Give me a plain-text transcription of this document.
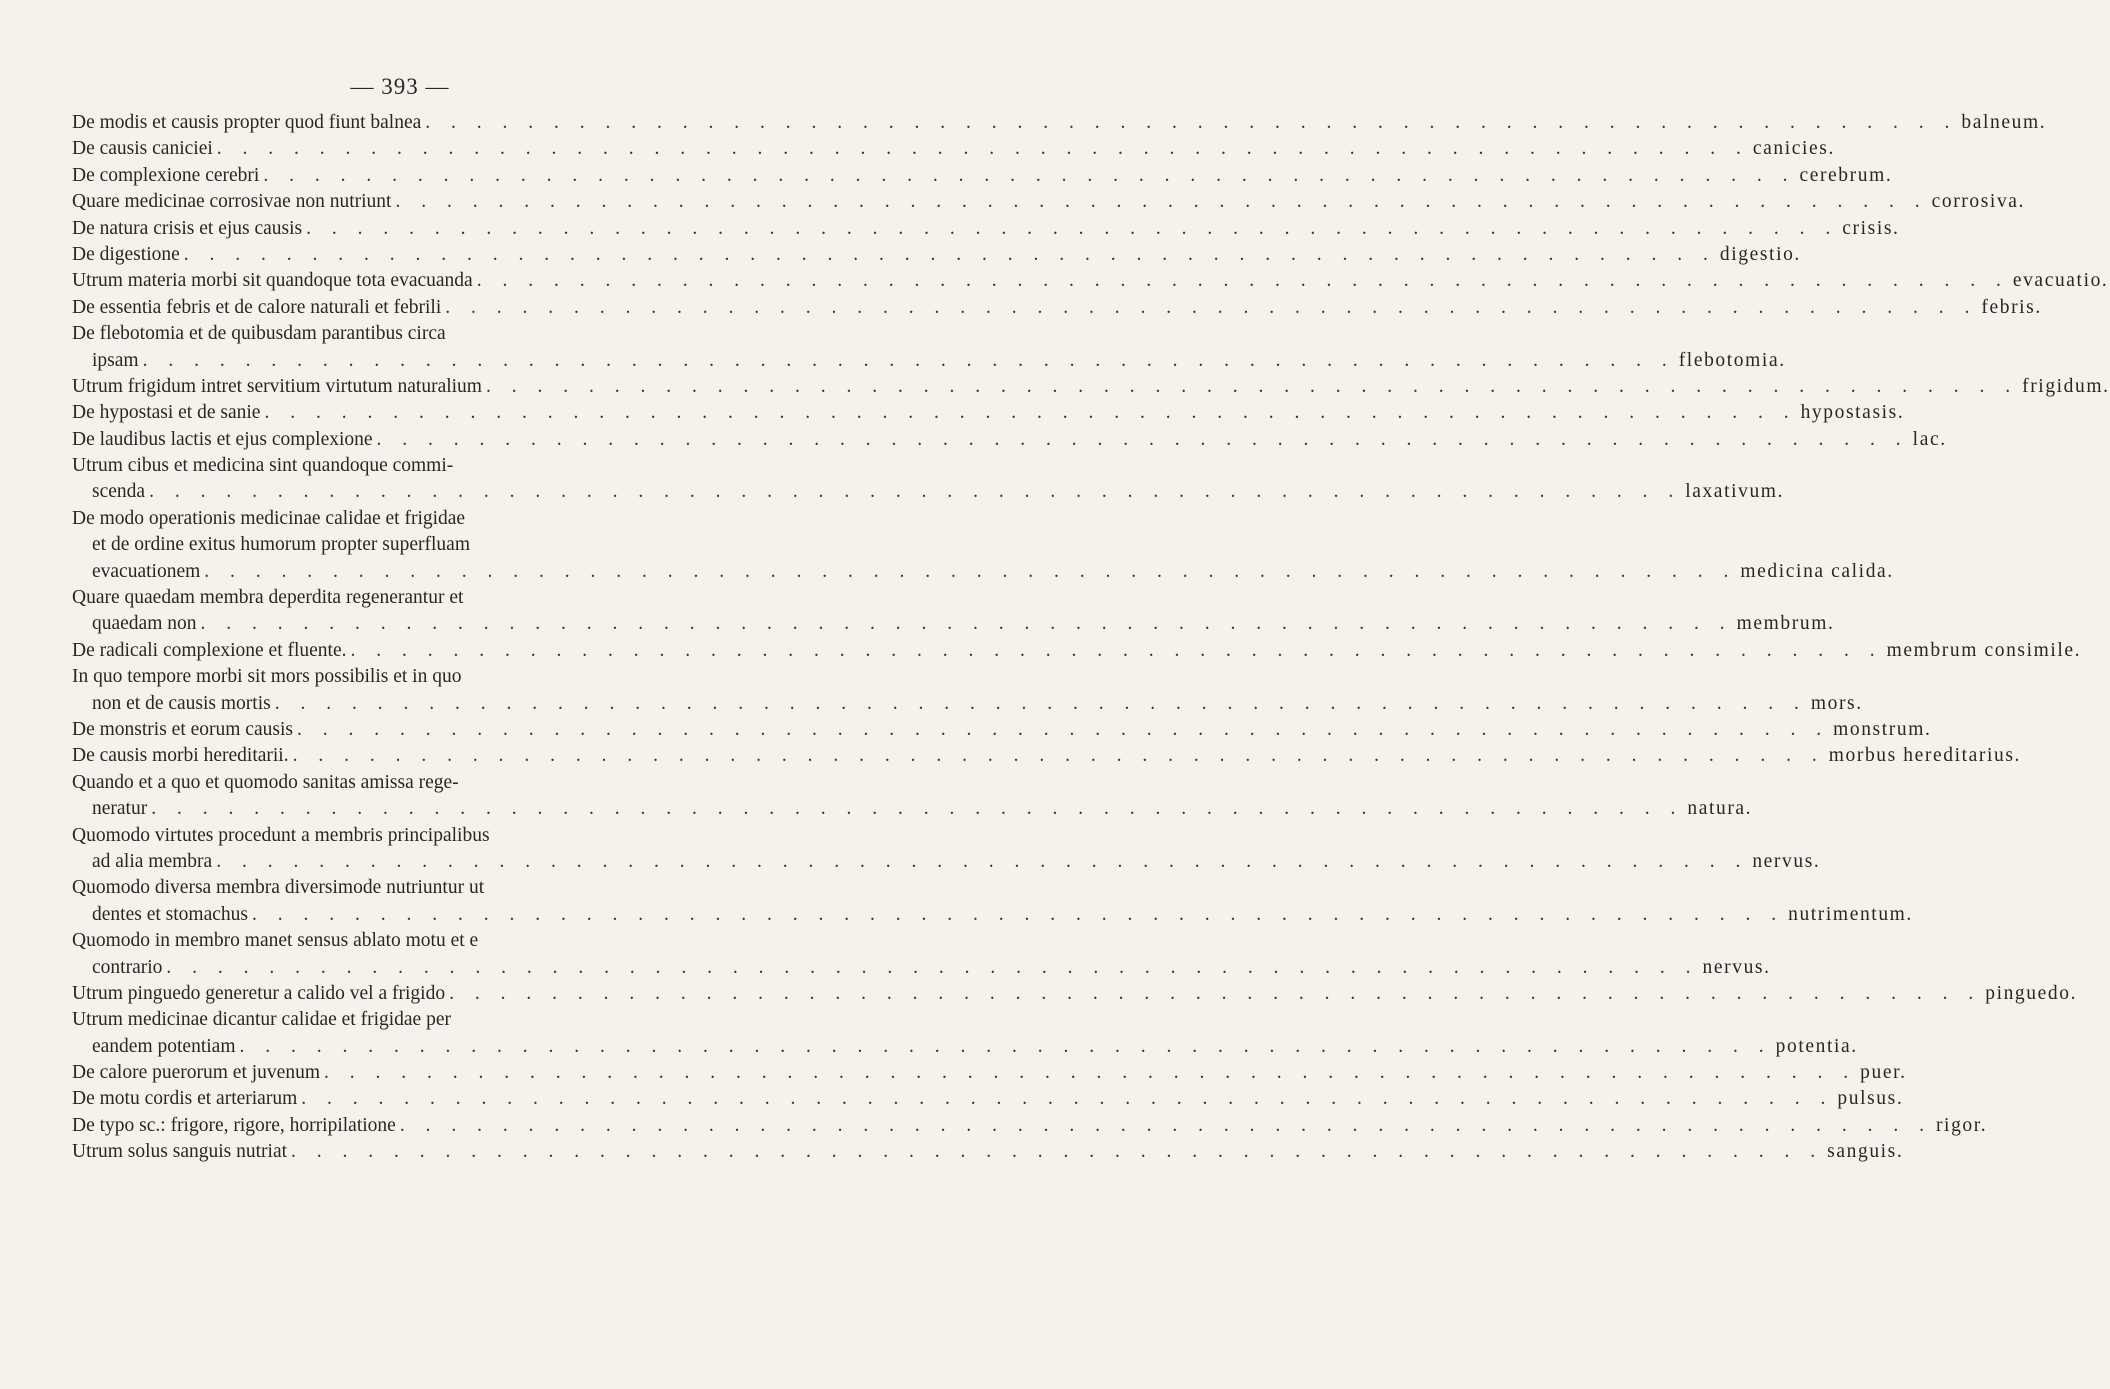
— 393 —
De modis et causis propter quod fiunt balnea . . . . . . . . . . . . . . . . . . . . . . . . . . . . . . . . . . . . . . . . . . . . . . . . . . . . . . . . . . . . balneum.
De causis caniciei . . . . . . . . . . . . . . . . . . . . . . . . . . . . . . . . . . . . . . . . . . . . . . . . . . . . . . . . . . . . canicies.
De complexione cerebri . . . . . . . . . . . . . . . . . . . . . . . . . . . . . . . . . . . . . . . . . . . . . . . . . . . . . . . . . . . . cerebrum.
Quare medicinae corrosivae non nutriunt . . . . . . . . . . . . . . . . . . . . . . . . . . . . . . . . . . . . . . . . . . . . . . . . . . . . . . . . . . . . corrosiva.
De natura crisis et ejus causis . . . . . . . . . . . . . . . . . . . . . . . . . . . . . . . . . . . . . . . . . . . . . . . . . . . . . . . . . . . . crisis.
De digestione . . . . . . . . . . . . . . . . . . . . . . . . . . . . . . . . . . . . . . . . . . . . . . . . . . . . . . . . . . . . digestio.
Utrum materia morbi sit quandoque tota evacuanda . . . . . . . . . . . . . . . . . . . . . . . . . . . . . . . . . . . . . . . . . . . . . . . . . . . . . . . . . . . . evacuatio.
De essentia febris et de calore naturali et febrili . . . . . . . . . . . . . . . . . . . . . . . . . . . . . . . . . . . . . . . . . . . . . . . . . . . . . . . . . . . . febris.
De flebotomia et de quibusdam parantibus circa
ipsam . . . . . . . . . . . . . . . . . . . . . . . . . . . . . . . . . . . . . . . . . . . . . . . . . . . . . . . . . . . . flebotomia.
Utrum frigidum intret servitium virtutum naturalium . . . . . . . . . . . . . . . . . . . . . . . . . . . . . . . . . . . . . . . . . . . . . . . . . . . . . . . . . . . . frigidum.
De hypostasi et de sanie . . . . . . . . . . . . . . . . . . . . . . . . . . . . . . . . . . . . . . . . . . . . . . . . . . . . . . . . . . . . hypostasis.
De laudibus lactis et ejus complexione . . . . . . . . . . . . . . . . . . . . . . . . . . . . . . . . . . . . . . . . . . . . . . . . . . . . . . . . . . . . lac.
Utrum cibus et medicina sint quandoque commi-
scenda . . . . . . . . . . . . . . . . . . . . . . . . . . . . . . . . . . . . . . . . . . . . . . . . . . . . . . . . . . . . laxativum.
De modo operationis medicinae calidae et frigidae
et de ordine exitus humorum propter superfluam
evacuationem . . . . . . . . . . . . . . . . . . . . . . . . . . . . . . . . . . . . . . . . . . . . . . . . . . . . . . . . . . . . medicina calida.
Quare quaedam membra deperdita regenerantur et
quaedam non . . . . . . . . . . . . . . . . . . . . . . . . . . . . . . . . . . . . . . . . . . . . . . . . . . . . . . . . . . . . membrum.
De radicali complexione et fluente. . . . . . . . . . . . . . . . . . . . . . . . . . . . . . . . . . . . . . . . . . . . . . . . . . . . . . . . . . . . . membrum consimile.
In quo tempore morbi sit mors possibilis et in quo
non et de causis mortis . . . . . . . . . . . . . . . . . . . . . . . . . . . . . . . . . . . . . . . . . . . . . . . . . . . . . . . . . . . . mors.
De monstris et eorum causis . . . . . . . . . . . . . . . . . . . . . . . . . . . . . . . . . . . . . . . . . . . . . . . . . . . . . . . . . . . . monstrum.
De causis morbi hereditarii. . . . . . . . . . . . . . . . . . . . . . . . . . . . . . . . . . . . . . . . . . . . . . . . . . . . . . . . . . . . . morbus hereditarius.
Quando et a quo et quomodo sanitas amissa rege-
neratur . . . . . . . . . . . . . . . . . . . . . . . . . . . . . . . . . . . . . . . . . . . . . . . . . . . . . . . . . . . . natura.
Quomodo virtutes procedunt a membris principalibus
ad alia membra . . . . . . . . . . . . . . . . . . . . . . . . . . . . . . . . . . . . . . . . . . . . . . . . . . . . . . . . . . . . nervus.
Quomodo diversa membra diversimode nutriuntur ut
dentes et stomachus . . . . . . . . . . . . . . . . . . . . . . . . . . . . . . . . . . . . . . . . . . . . . . . . . . . . . . . . . . . . nutrimentum.
Quomodo in membro manet sensus ablato motu et e
contrario . . . . . . . . . . . . . . . . . . . . . . . . . . . . . . . . . . . . . . . . . . . . . . . . . . . . . . . . . . . . nervus.
Utrum pinguedo generetur a calido vel a frigido . . . . . . . . . . . . . . . . . . . . . . . . . . . . . . . . . . . . . . . . . . . . . . . . . . . . . . . . . . . . pinguedo.
Utrum medicinae dicantur calidae et frigidae per
eandem potentiam . . . . . . . . . . . . . . . . . . . . . . . . . . . . . . . . . . . . . . . . . . . . . . . . . . . . . . . . . . . . potentia.
De calore puerorum et juvenum . . . . . . . . . . . . . . . . . . . . . . . . . . . . . . . . . . . . . . . . . . . . . . . . . . . . . . . . . . . . puer.
De motu cordis et arteriarum . . . . . . . . . . . . . . . . . . . . . . . . . . . . . . . . . . . . . . . . . . . . . . . . . . . . . . . . . . . . pulsus.
De typo sc.: frigore, rigore, horripilatione . . . . . . . . . . . . . . . . . . . . . . . . . . . . . . . . . . . . . . . . . . . . . . . . . . . . . . . . . . . . rigor.
Utrum solus sanguis nutriat . . . . . . . . . . . . . . . . . . . . . . . . . . . . . . . . . . . . . . . . . . . . . . . . . . . . . . . . . . . . sanguis.
